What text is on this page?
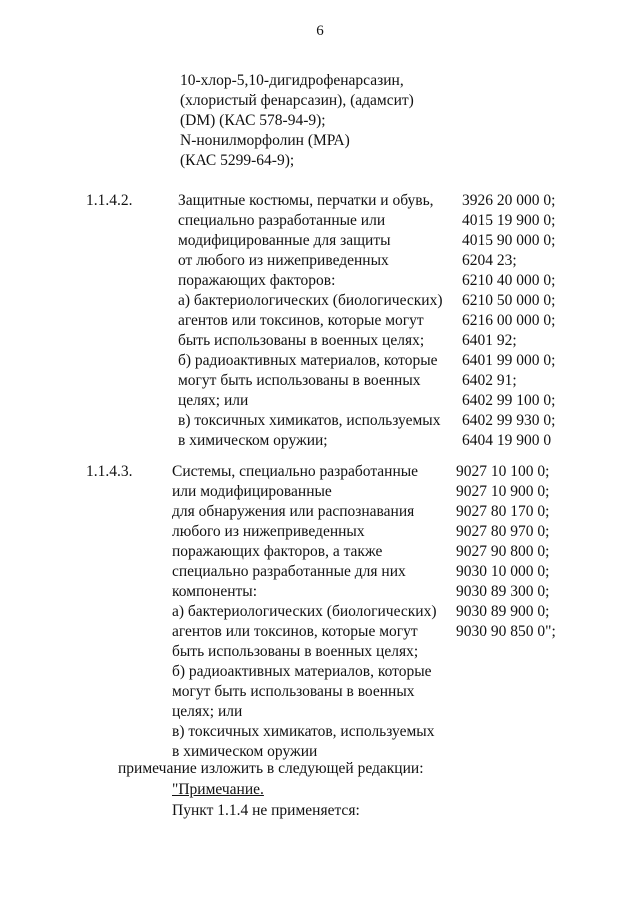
6
10-хлор-5,10-дигидрофенарсазин,
(хлористый фенарсазин), (адамсит)
(DM) (КАС 578-94-9);
N-нонилморфолин (МРА)
(КАС 5299-64-9);
1.1.4.2.	Защитные костюмы, перчатки и обувь,
специально разработанные или
модифицированные для защиты
от любого из нижеприведенных
поражающих факторов:
а) бактериологических (биологических)
агентов или токсинов, которые могут
быть использованы в военных целях;
б) радиоактивных материалов, которые
могут быть использованы в военных
целях; или
в) токсичных химикатов, используемых
в химическом оружии;
3926 20 000 0;
4015 19 900 0;
4015 90 000 0;
6204 23;
6210 40 000 0;
6210 50 000 0;
6216 00 000 0;
6401 92;
6401 99 000 0;
6402 91;
6402 99 100 0;
6402 99 930 0;
6404 19 900 0
1.1.4.3.	Системы, специально разработанные
или модифицированные
для обнаружения или распознавания
любого из нижеприведенных
поражающих факторов, а также
специально разработанные для них
компоненты:
а) бактериологических (биологических)
агентов или токсинов, которые могут
быть использованы в военных целях;
б) радиоактивных материалов, которые
могут быть использованы в военных
целях; или
в) токсичных химикатов, используемых
в химическом оружии
9027 10 100 0;
9027 10 900 0;
9027 80 170 0;
9027 80 970 0;
9027 90 800 0;
9030 10 000 0;
9030 89 300 0;
9030 89 900 0;
9030 90 850 0";
примечание изложить в следующей редакции:
"Примечание.
Пункт 1.1.4 не применяется:
